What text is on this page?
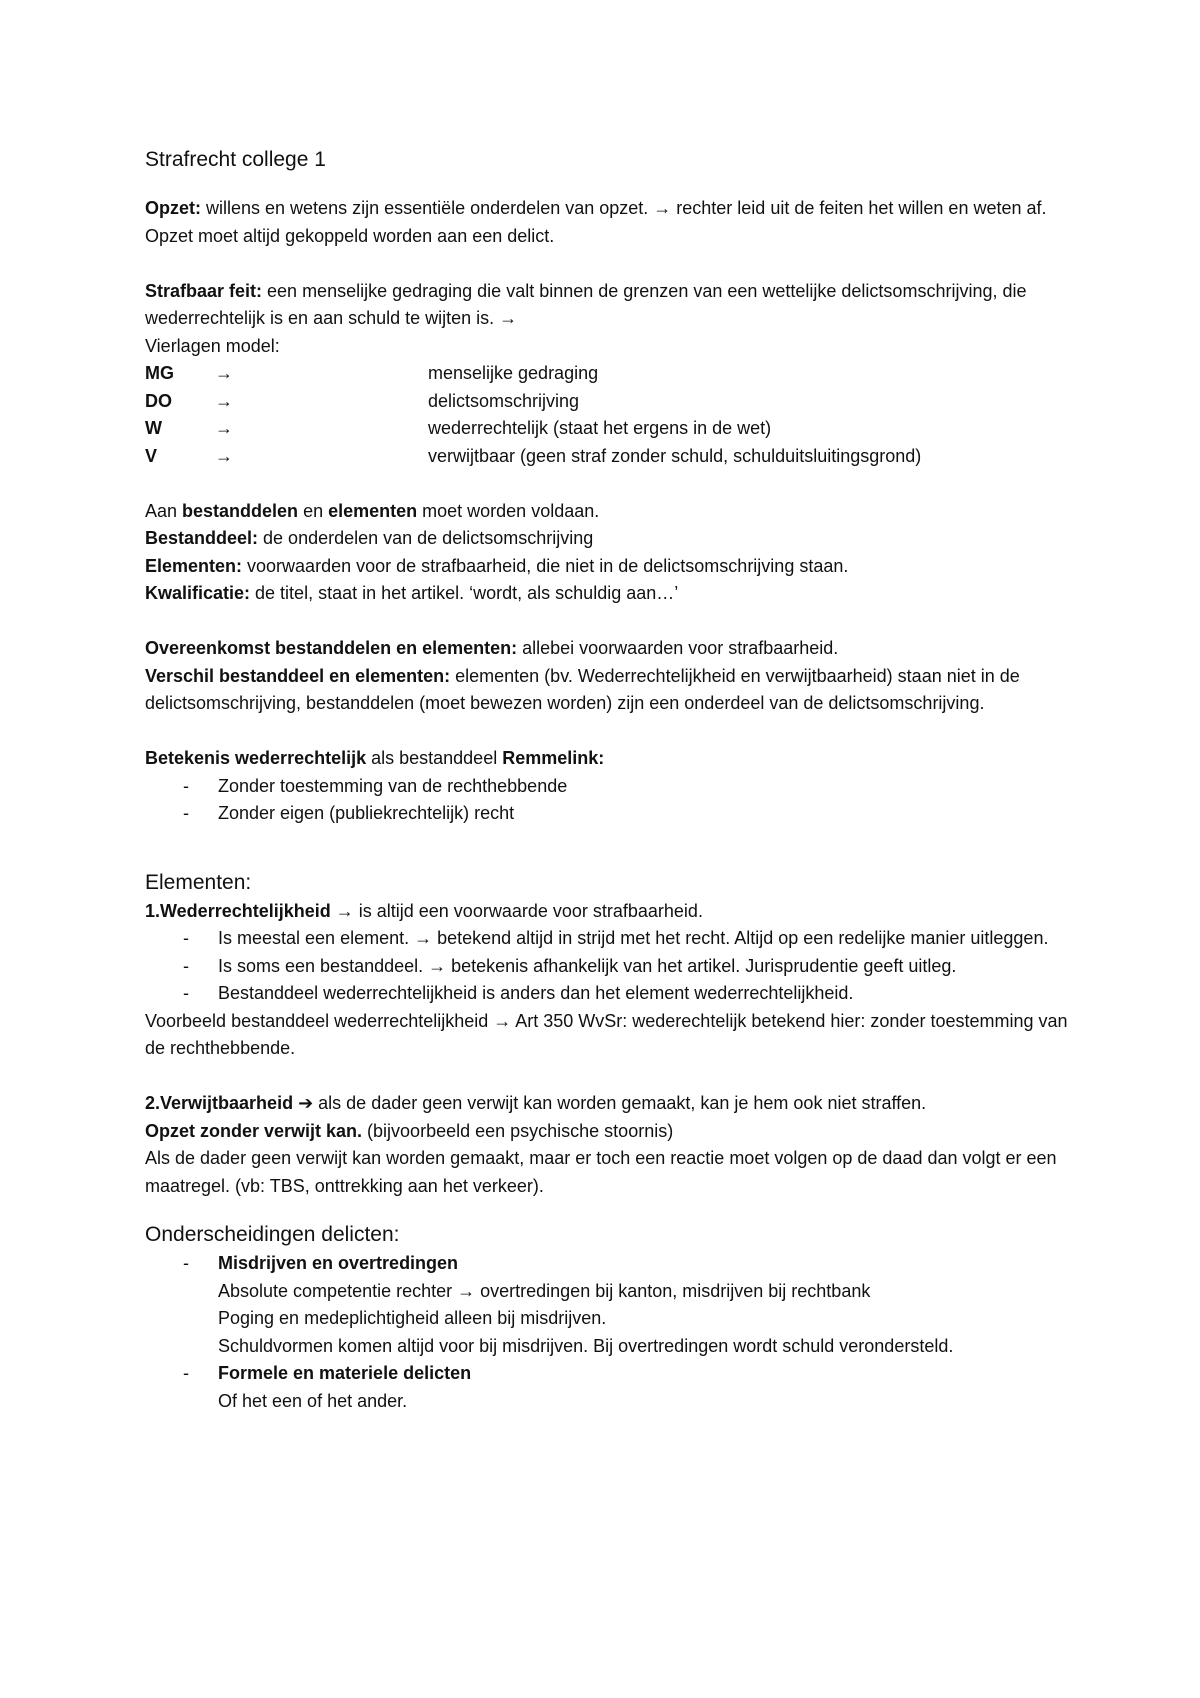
Strafrecht college 1

Opzet: willens en wetens zijn essentiële onderdelen van opzet. → rechter leid uit de feiten het willen en weten af.

Opzet moet altijd gekoppeld worden aan een delict.

Strafbaar feit: een menselijke gedraging die valt binnen de grenzen van een wettelijke delictsomschrijving, die wederrechtelijk is en aan schuld te wijten is. →

Vierlagen model:

MG	→	menselijke gedraging
DO	→	delictsomschrijving
W	→	wederrechtelijk (staat het ergens in de wet)
V	→	verwijtbaar (geen straf zonder schuld, schulduitsluitingsgrond)

Aan bestanddelen en elementen moet worden voldaan.

Bestanddeel: de onderdelen van de delictsomschrijving

Elementen: voorwaarden voor de strafbaarheid, die niet in de delictsomschrijving staan.

Kwalificatie: de titel, staat in het artikel. ‘wordt, als schuldig aan…’

Overeenkomst bestanddelen en elementen: allebei voorwaarden voor strafbaarheid.

Verschil bestanddeel en elementen: elementen (bv. Wederrechtelijkheid en verwijtbaarheid) staan niet in de delictsomschrijving, bestanddelen (moet bewezen worden) zijn een onderdeel van de delictsomschrijving.

Betekenis wederrechtelijk als bestanddeel Remmelink:

- Zonder toestemming van de rechthebbende
- Zonder eigen (publiekrechtelijk) recht
Elementen:

1.Wederrechtelijkheid → is altijd een voorwaarde voor strafbaarheid.

- Is meestal een element. → betekend altijd in strijd met het recht. Altijd op een redelijke manier uitleggen.
- Is soms een bestanddeel. → betekenis afhankelijk van het artikel. Jurisprudentie geeft uitleg.
- Bestanddeel wederrechtelijkheid is anders dan het element wederrechtelijkheid.

Voorbeeld bestanddeel wederrechtelijkheid → Art 350 WvSr: wederechtelijk betekend hier: zonder toestemming van de rechthebbende.

2.Verwijtbaarheid ➔ als de dader geen verwijt kan worden gemaakt, kan je hem ook niet straffen.

Opzet zonder verwijt kan. (bijvoorbeeld een psychische stoornis)

Als de dader geen verwijt kan worden gemaakt, maar er toch een reactie moet volgen op de daad dan volgt er een maatregel. (vb: TBS, onttrekking aan het verkeer).

Onderscheidingen delicten:
- Misdrijven en overtredingen

Absolute competentie rechter → overtredingen bij kanton, misdrijven bij rechtbank

Poging en medeplichtigheid alleen bij misdrijven.

Schuldvormen komen altijd voor bij misdrijven. Bij overtredingen wordt schuld verondersteld.

- Formele en materiele delicten

Of het een of het ander.
